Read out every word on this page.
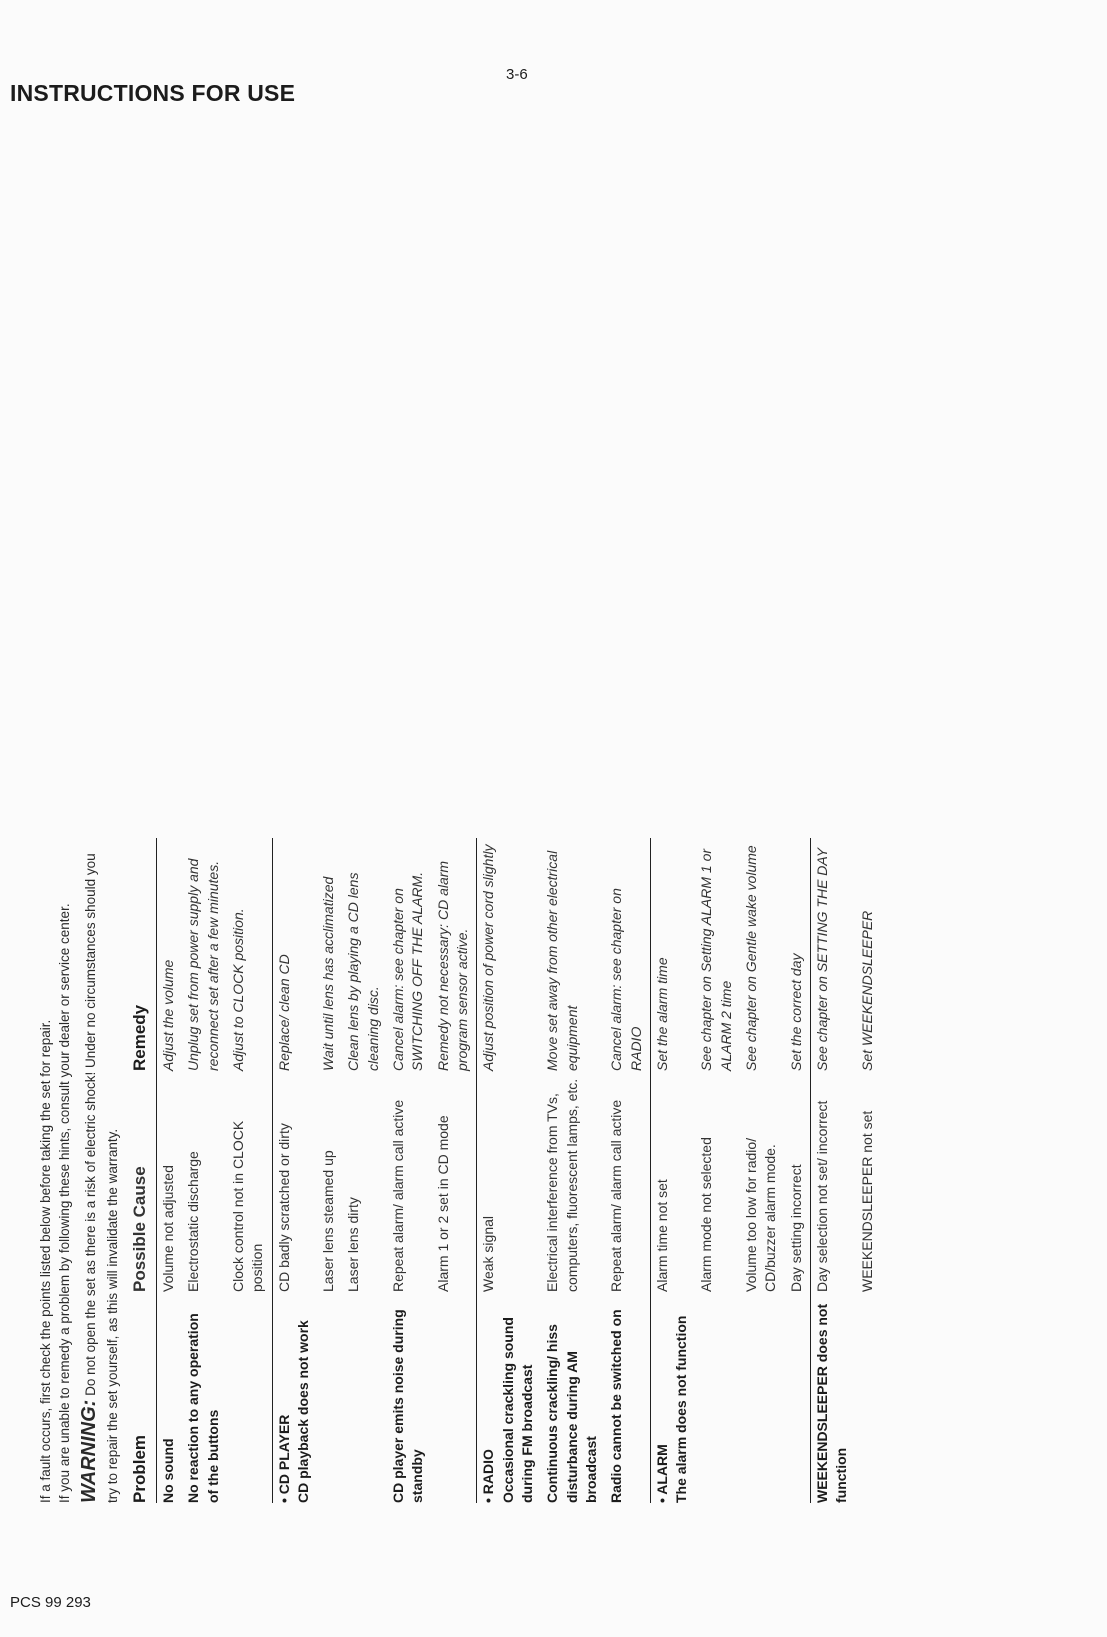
INSTRUCTIONS FOR USE
3-6
PCS 99 293

If a fault occurs, first check the points listed below before taking the set for repair. If you are unable to remedy a problem by following these hints, consult your dealer or service center. WARNING: Do not open the set as there is a risk of electric shock! Under no circumstances should you try to repair the set yourself, as this will invalidate the warranty. Problem	Possible Cause	Remedy
No sound	Volume not adjusted	Adjust the volume
No reaction to any operation of the buttons	Electrostatic discharge	Unplug set from power supply and reconnect set after a few minutes.
	Clock control not in CLOCK position	Adjust to CLOCK position.

• CD PLAYER CD playback does not work	CD badly scratched or dirty	Replace/ clean CD
	Laser lens steamed up	Wait until lens has acclimatized
	Laser lens dirty	Clean lens by playing a CD lens cleaning disc.
CD player emits noise during standby	Repeat alarm/ alarm call active	Cancel alarm: see chapter on SWITCHING OFF THE ALARM.
	Alarm 1 or 2 set in CD mode	Remedy not necessary: CD alarm program sensor active.

• RADIO Occasional crackling sound during FM broadcast	Weak signal	Adjust position of power cord slightly
Continuous crackling/ hiss disturbance during AM broadcast	Electrical interference from TVs, computers, fluorescent lamps, etc.	Move set away from other electrical equipment
Radio cannot be switched on	Repeat alarm/ alarm call active	Cancel alarm: see chapter on RADIO

• ALARM The alarm does not function	Alarm time not set	Set the alarm time
	Alarm mode not selected	See chapter on Setting ALARM 1 or ALARM 2 time
	Volume too low for radio/ CD/buzzer alarm mode.	See chapter on Gentle wake volume
	Day setting incorrect	Set the correct day
WEEKENDSLEEPER does not function	Day selection not set/ incorrect	See chapter on SETTING THE DAY
	WEEKENDSLEEPER not set	Set WEEKENDSLEEPER
